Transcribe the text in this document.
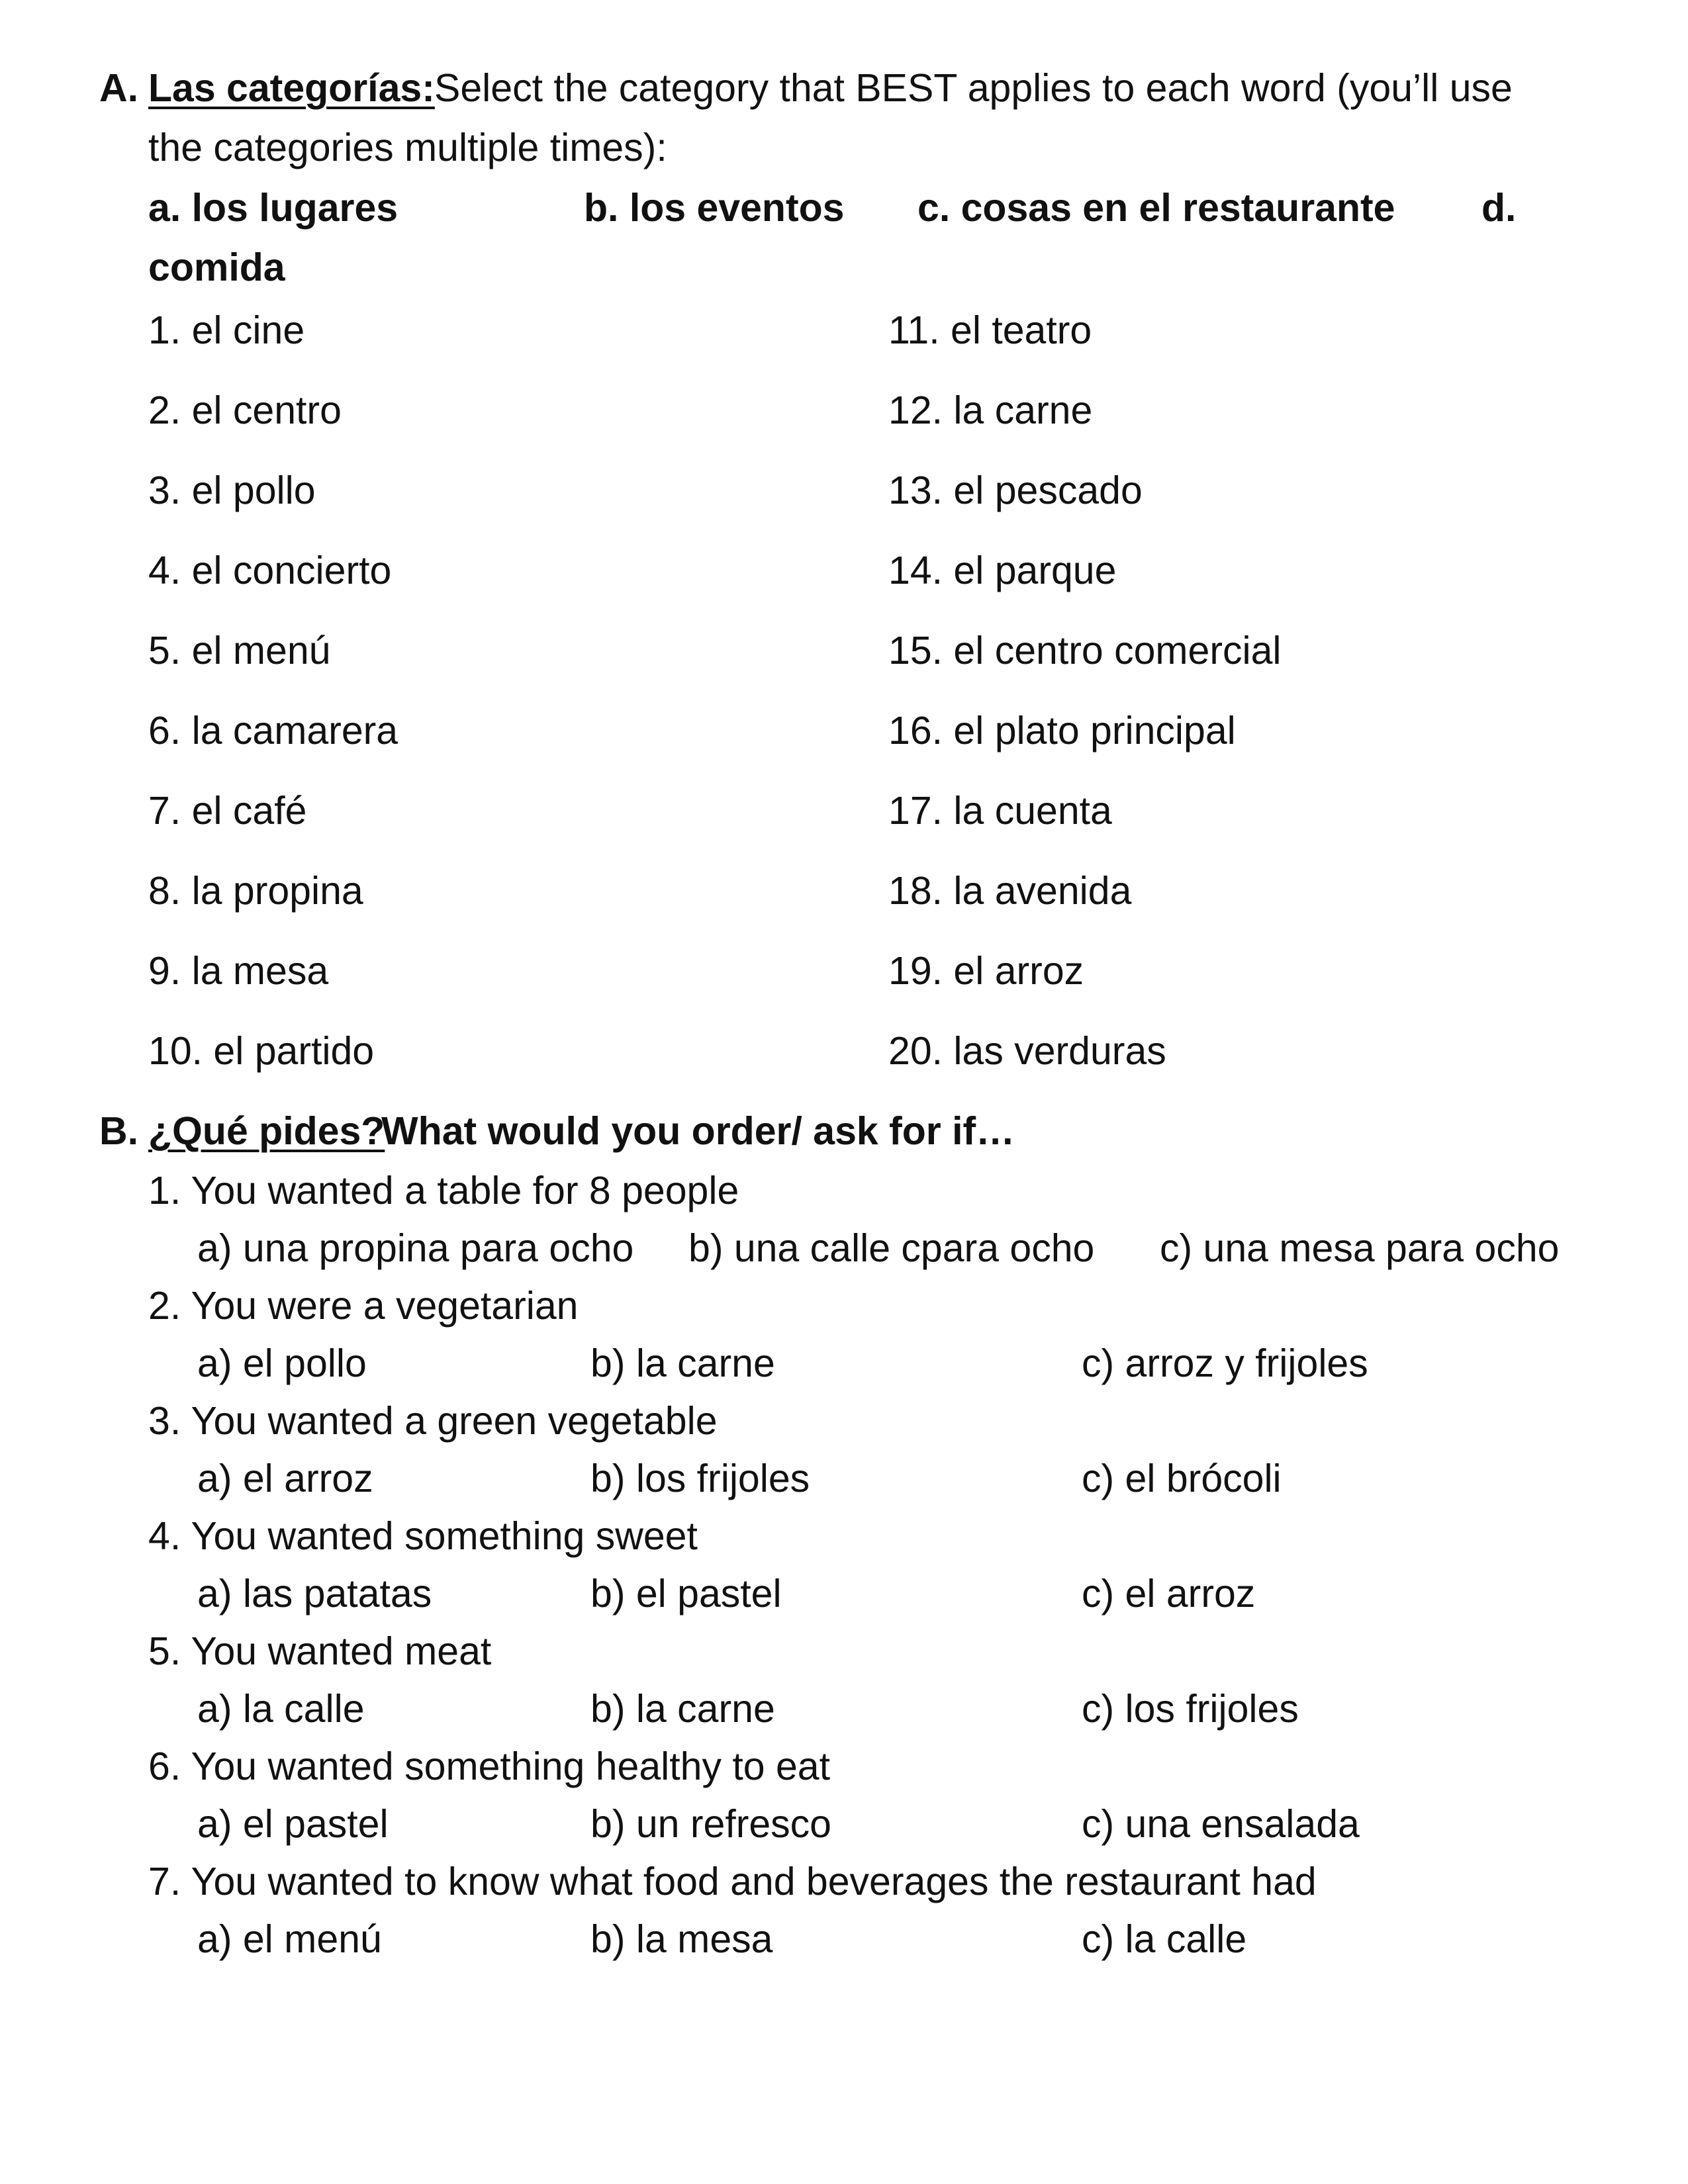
A. Las categorías: Select the category that BEST applies to each word (you’ll use
the categories multiple times):
a. los lugares	b. los eventos c. cosas en el restaurante d.
comida
1. el cine
2. el centro
3. el pollo
4. el concierto
5. el menú
6. la camarera
7. el café
8. la propina
9. la mesa
10. el partido
11. el teatro
12. la carne
13. el pescado
14. el parque
15. el centro comercial
16. el plato principal
17. la cuenta
18. la avenida
19. el arroz
20. las verduras
B. ¿Qué pides?
What would you order/ ask for if…
1. You wanted a table for 8 people
a) una propina para ocho b) una calle cpara ocho c) una mesa para ocho
2. You were a vegetarian
a) el pollo	b) la carne	c) arroz y frijoles
3. You wanted a green vegetable
a) el arroz	b) los frijoles	c) el brócoli
4. You wanted something sweet
a) las patatas	b) el pastel	c) el arroz
5. You wanted meat
a) la calle	b) la carne	c) los frijoles
6. You wanted something healthy to eat
a) el pastel	b) un refresco	c) una ensalada
7. You wanted to know what food and beverages the restaurant had
a) el menú	b) la mesa	c) la calle
